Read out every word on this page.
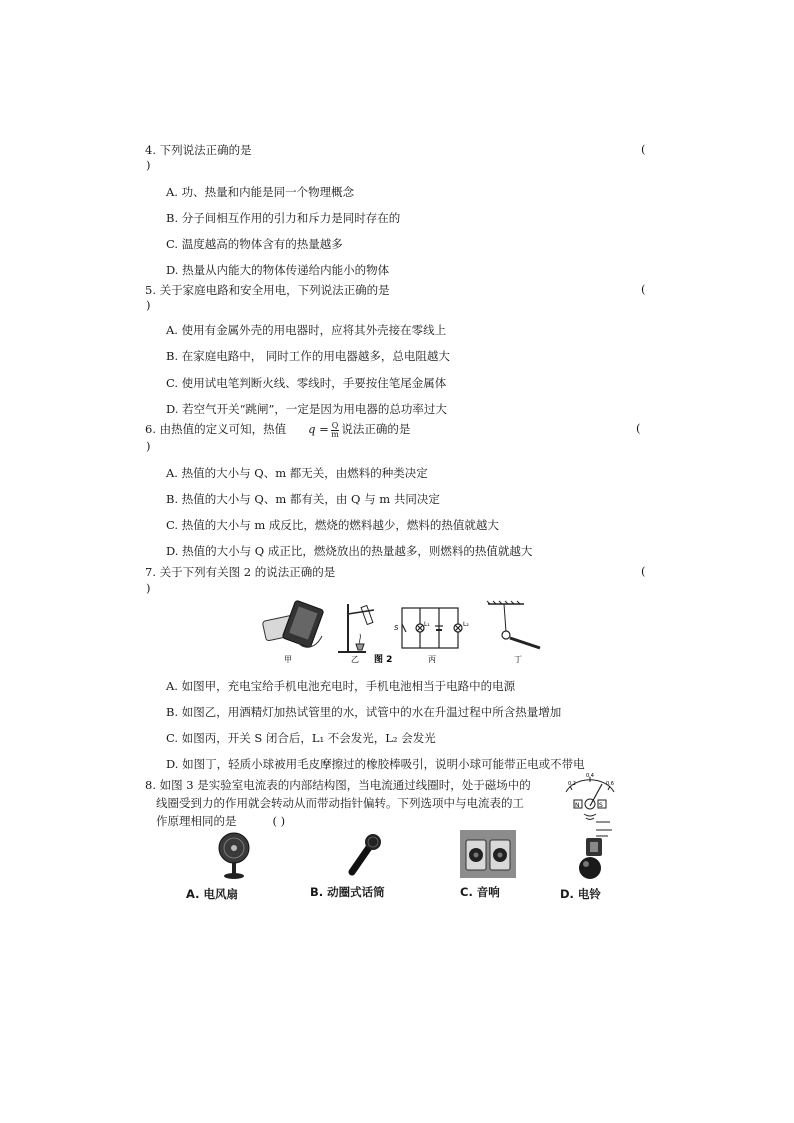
4. 下列说法正确的是	(
)
A. 功、热量和内能是同一个物理概念
B. 分子间相互作用的引力和斥力是同时存在的
C. 温度越高的物体含有的热量越多
D. 热量从内能大的物体传递给内能小的物体
5. 关于家庭电路和安全用电，下列说法正确的是	(
)
A. 使用有金属外壳的用电器时，应将其外壳接在零线上
B. 在家庭电路中， 同时工作的用电器越多，总电阻越大
C. 使用试电笔判断火线、零线时，手要按住笔尾金属体
D. 若空气开关“跳闸”，一定是因为用电器的总功率过大
6. 由热值的定义可知，热值 $q = \frac{Q}{m}$ 说法正确的是	(
)
A. 热值的大小与 Q、m 都无关，由燃料的种类决定
B. 热值的大小与 Q、m 都有关，由 Q 与 m 共同决定
C. 热值的大小与 m 成反比，燃烧的燃料越少，燃料的热值就越大
D. 热值的大小与 Q 成正比，燃烧放出的热量越多，则燃料的热值就越大
7. 关于下列有关图 2 的说法正确的是	(
)
甲	乙
S	L₁	L₂
图 2	丙	丁
A. 如图甲，充电宝给手机电池充电时，手机电池相当于电路中的电源
B. 如图乙，用酒精灯加热试管里的水，试管中的水在升温过程中所含热量增加
C. 如图丙，开关 S 闭合后，L₁ 不会发光，L₂ 会发光
D. 如图丁，轻质小球被用毛皮摩擦过的橡胶棒吸引，说明小球可能带正电或不带电
8. 如图 3 是实验室电流表的内部结构图，当电流通过线圈时，处于磁场中的
线圈受到力的作用就会转动从而带动指针偏转。下列选项中与电流表的工
作原理相同的是	( )
0.2
0.4
0.6
N	S
A. 电风扇	B. 动圈式话筒	C. 音响	D. 电铃
